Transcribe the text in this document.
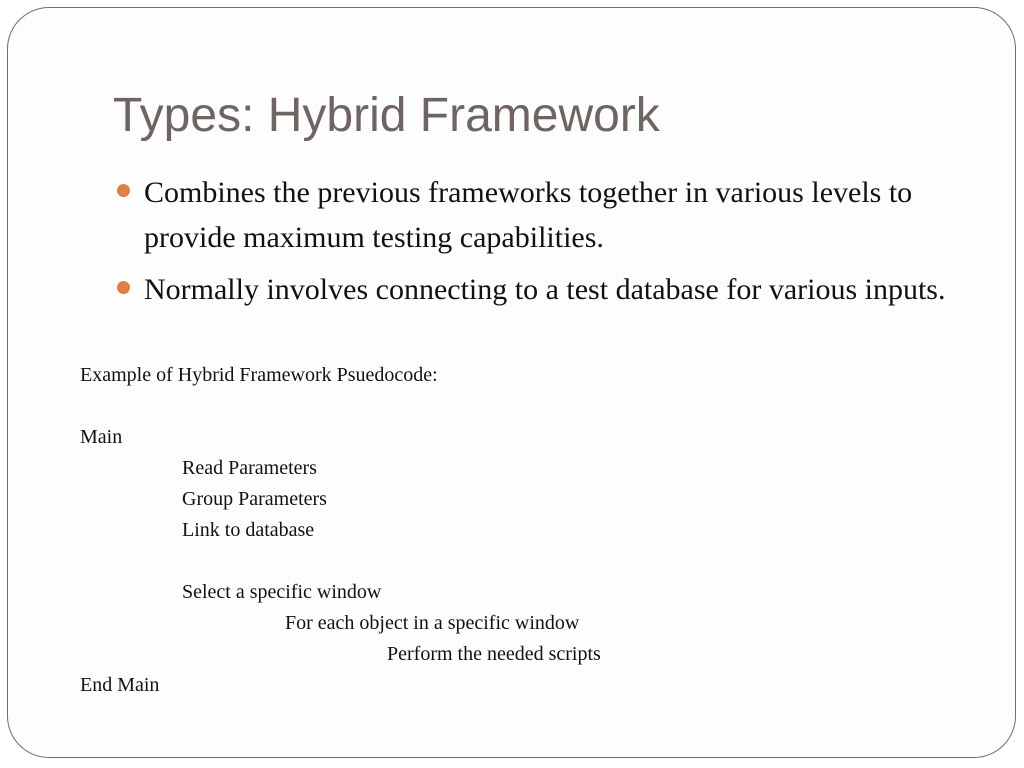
Types: Hybrid Framework
Combines the previous frameworks together in various levels to provide maximum testing capabilities.
Normally involves connecting to a test database for various inputs.
Example of Hybrid Framework Psuedocode:
Main
Read Parameters
Group Parameters
Link to database
Select a specific window
For each object in a specific window
Perform the needed scripts
End Main
